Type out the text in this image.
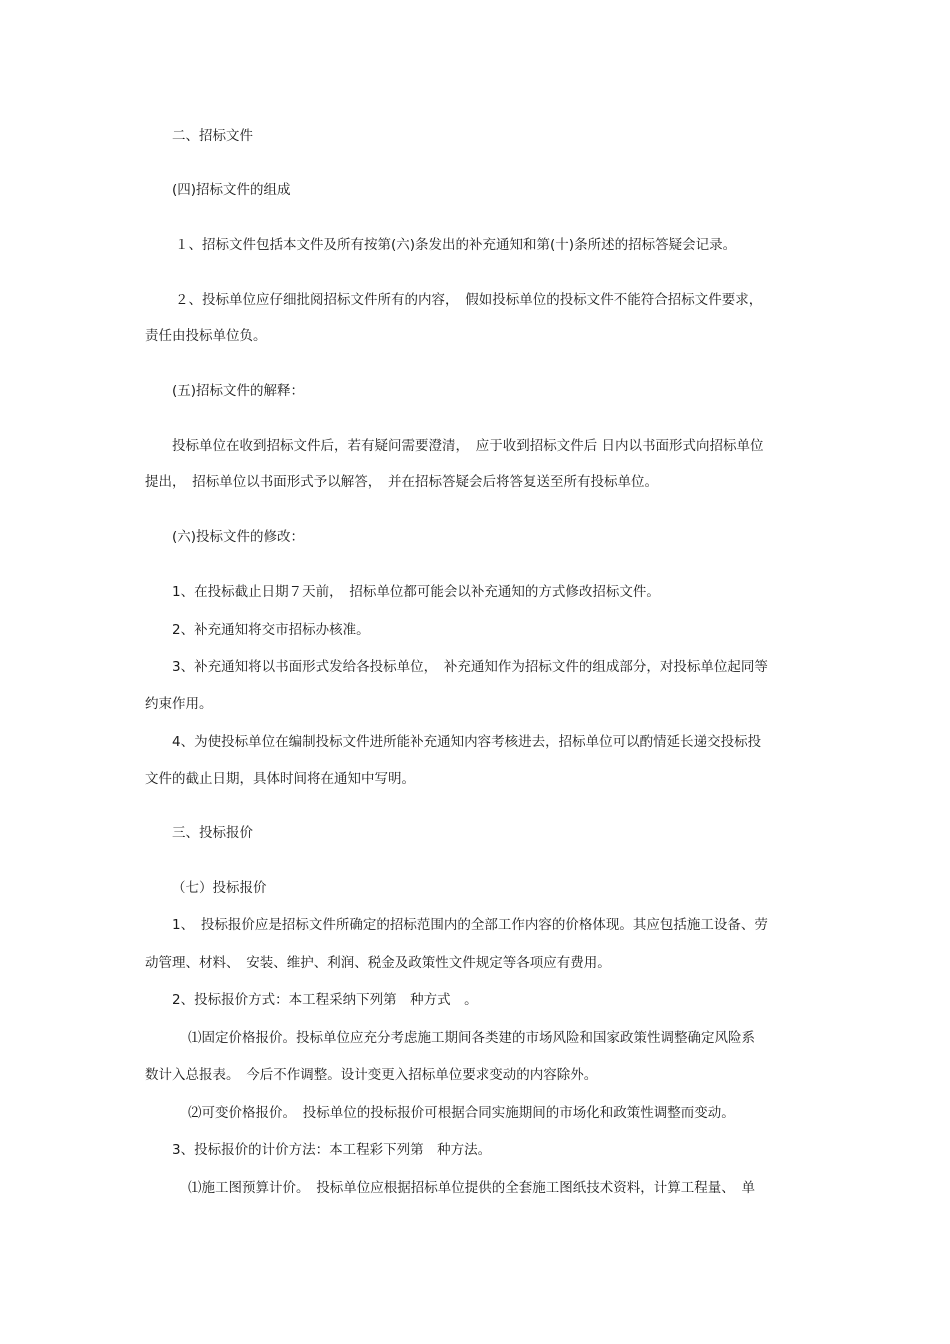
二、招标文件
(四)招标文件的组成
１、招标文件包括本文件及所有按第(六)条发出的补充通知和第(十)条所述的招标答疑会记录。
２、投标单位应仔细批阅招标文件所有的内容，　假如投标单位的投标文件不能符合招标文件要求，
责任由投标单位负。
(五)招标文件的解释：
投标单位在收到招标文件后，若有疑问需要澄清，　应于收到招标文件后 日内以书面形式向招标单位
提出，　招标单位以书面形式予以解答，　并在招标答疑会后将答复送至所有投标单位。
(六)投标文件的修改：
1、在投标截止日期７天前，　招标单位都可能会以补充通知的方式修改招标文件。
2、补充通知将交市招标办核准。
3、补充通知将以书面形式发给各投标单位，　补充通知作为招标文件的组成部分，对投标单位起同等
约束作用。
4、为使投标单位在编制投标文件进所能补充通知内容考核进去，招标单位可以酌情延长递交投标投
文件的截止日期，具体时间将在通知中写明。
三、投标报价
（七）投标报价
1、　投标报价应是招标文件所确定的招标范围内的全部工作内容的价格体现。其应包括施工设备、劳
动管理、材料、　安装、维护、利润、税金及政策性文件规定等各项应有费用。
2、投标报价方式：本工程采纳下列第　种方式　。
⑴固定价格报价。投标单位应充分考虑施工期间各类建的市场风险和国家政策性调整确定风险系
数计入总报表。　今后不作调整。设计变更入招标单位要求变动的内容除外。
⑵可变价格报价。　投标单位的投标报价可根据合同实施期间的市场化和政策性调整而变动。
3、投标报价的计价方法：本工程彩下列第　种方法。
⑴施工图预算计价。　投标单位应根据招标单位提供的全套施工图纸技术资料，计算工程量、　单
